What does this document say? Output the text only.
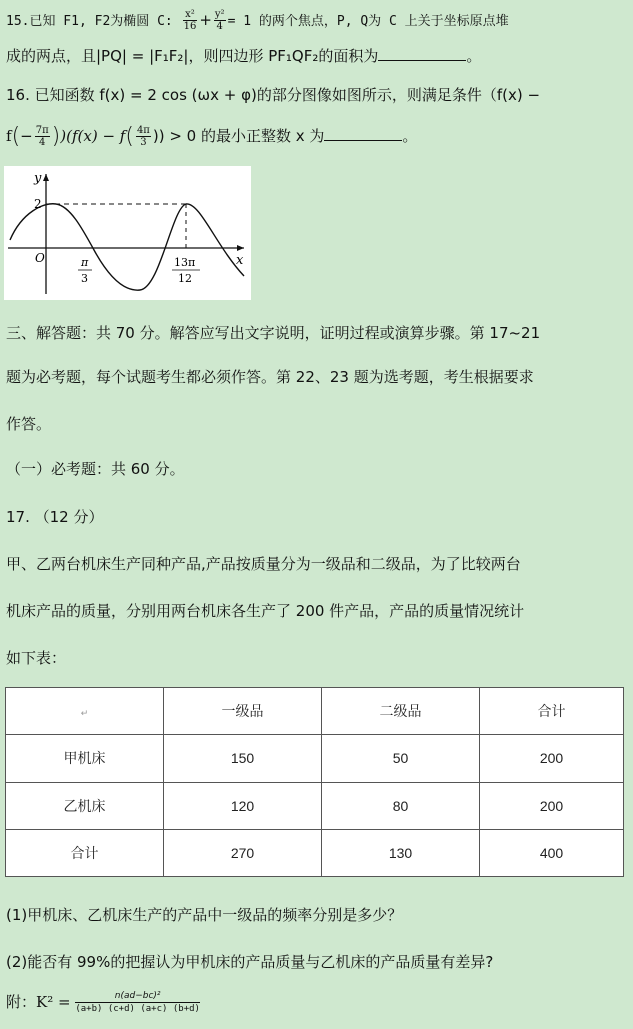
15.已知 F1, F2为椭圆 C: $\frac{\text{x²}}{16} + \frac{\text{y²}}{4} = 1$ 的两个焦点，P, Q为 C 上关于坐标原点堆
成的两点，且|PQ| = |F₁F₂|，则四边形 PF₁QF₂的面积为	。
16. 已知函数 f(x) = 2 cos (ωx + φ)的部分图像如图所示，则满足条件（f(x) −
$f(- \frac{7\pi}{4} ))(f(x) - f( \frac{4\pi}{3}$ )) > 0 的最小正整数 x 为	。
y
x
2
O	π
3
13π
12
三、解答题：共 70 分。解答应写出文字说明，证明过程或演算步骤。第 17~21
题为必考题，每个试题考生都必须作答。第 22、23 题为选考题，考生根据要求
作答。
（一）必考题：共 60 分。
17. （12 分）
甲、乙两台机床生产同种产品,产品按质量分为一级品和二级品，为了比较两台
机床产品的质量，分别用两台机床各生产了 200 件产品，产品的质量情况统计
如下表：
↵	一级品	二级品	合计
甲机床	150	50	200
乙机床	120	80	200
合计	270	130	400
(1)甲机床、乙机床生产的产品中一级品的频率分别是多少？
(2)能否有 99%的把握认为甲机床的产品质量与乙机床的产品质量有差异?
附：$K^2 = \frac{\text{n(ad−bc)²}}{(a+b) (c+d) (a+c) (b+d)}$
